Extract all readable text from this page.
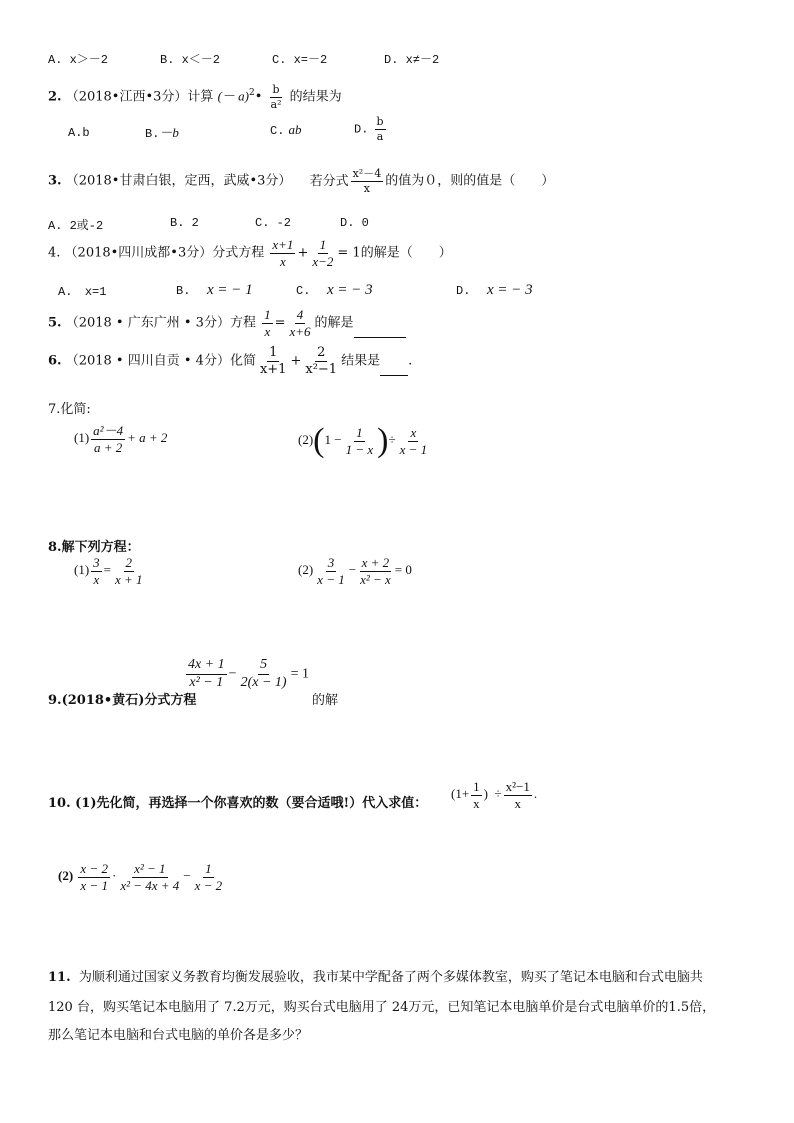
A. x＞－2	B. x＜－2	C. x=－2	D. x≠－2
2. （2018•江西•3分）计算 (－ a)$^2$• $\frac{b}{\text{a²}}$ 的结果为
A.b	B.－b	C. ab	D. $\frac{b}{a}$
3. （2018•甘肃白银，定西，武威•3分） 若分式 $\frac{\text{x²－4}}{x}$ 的值为０，则的值是（　　）
A. 2或-2	B. 2	C. -2	D. 0
4. （2018•四川成都•3分）分式方程 $\frac{x+1}{x} + \frac{1}{x-2} = 1$的解是（　　）
A. x=1	B. x = − 1	C. x = − 3	D. x = − 3
5. （2018 • 广东广州 • 3分）方程 $\frac{1}{x} = \frac{4}{x+6}$ 的解是
6. （2018 • 四川自贡 • 4分）化简 $\frac{1}{x+1} + \frac{2}{\text{x²−1}}$ 结果是 .
7.化简:
$(1) \frac{\text{a²－4}}{a + 2} + a + 2$	$(2)(1 - \frac{1}{1 - x}$ )÷ $\frac{x}{x - 1}$
8.解下列方程：
$(1) \frac{3}{x} = \frac{2}{x + 1}$	$(2) \frac{3}{x - 1} - \frac{x + 2}{\text{x² − x}} = 0$
9.(2018•黄石)分式方程
$\frac{4x + 1}{\text{x² − 1}} - \frac{5}{2(x - 1)} = 1$
的解
10. (1)先化简，再选择一个你喜欢的数（要合适哦!）代入求值：
($1+ \frac{1}{x}$ ) ÷ $\frac{\text{x²−1}}{x}$ .
$(2) \frac{x - 2}{x - 1} \cdot \frac{\text{x² − 1}}{\text{x² − 4x + 4}} - \frac{1}{x - 2}$
11. 为顺利通过国家义务教育均衡发展验收，我市某中学配备了两个多媒体教室，购买了笔记本电脑和台式电脑共
120 台，购买笔记本电脑用了 7.2万元，购买台式电脑用了 24万元，已知笔记本电脑单价是台式电脑单价的1.5倍，
那么笔记本电脑和台式电脑的单价各是多少？
